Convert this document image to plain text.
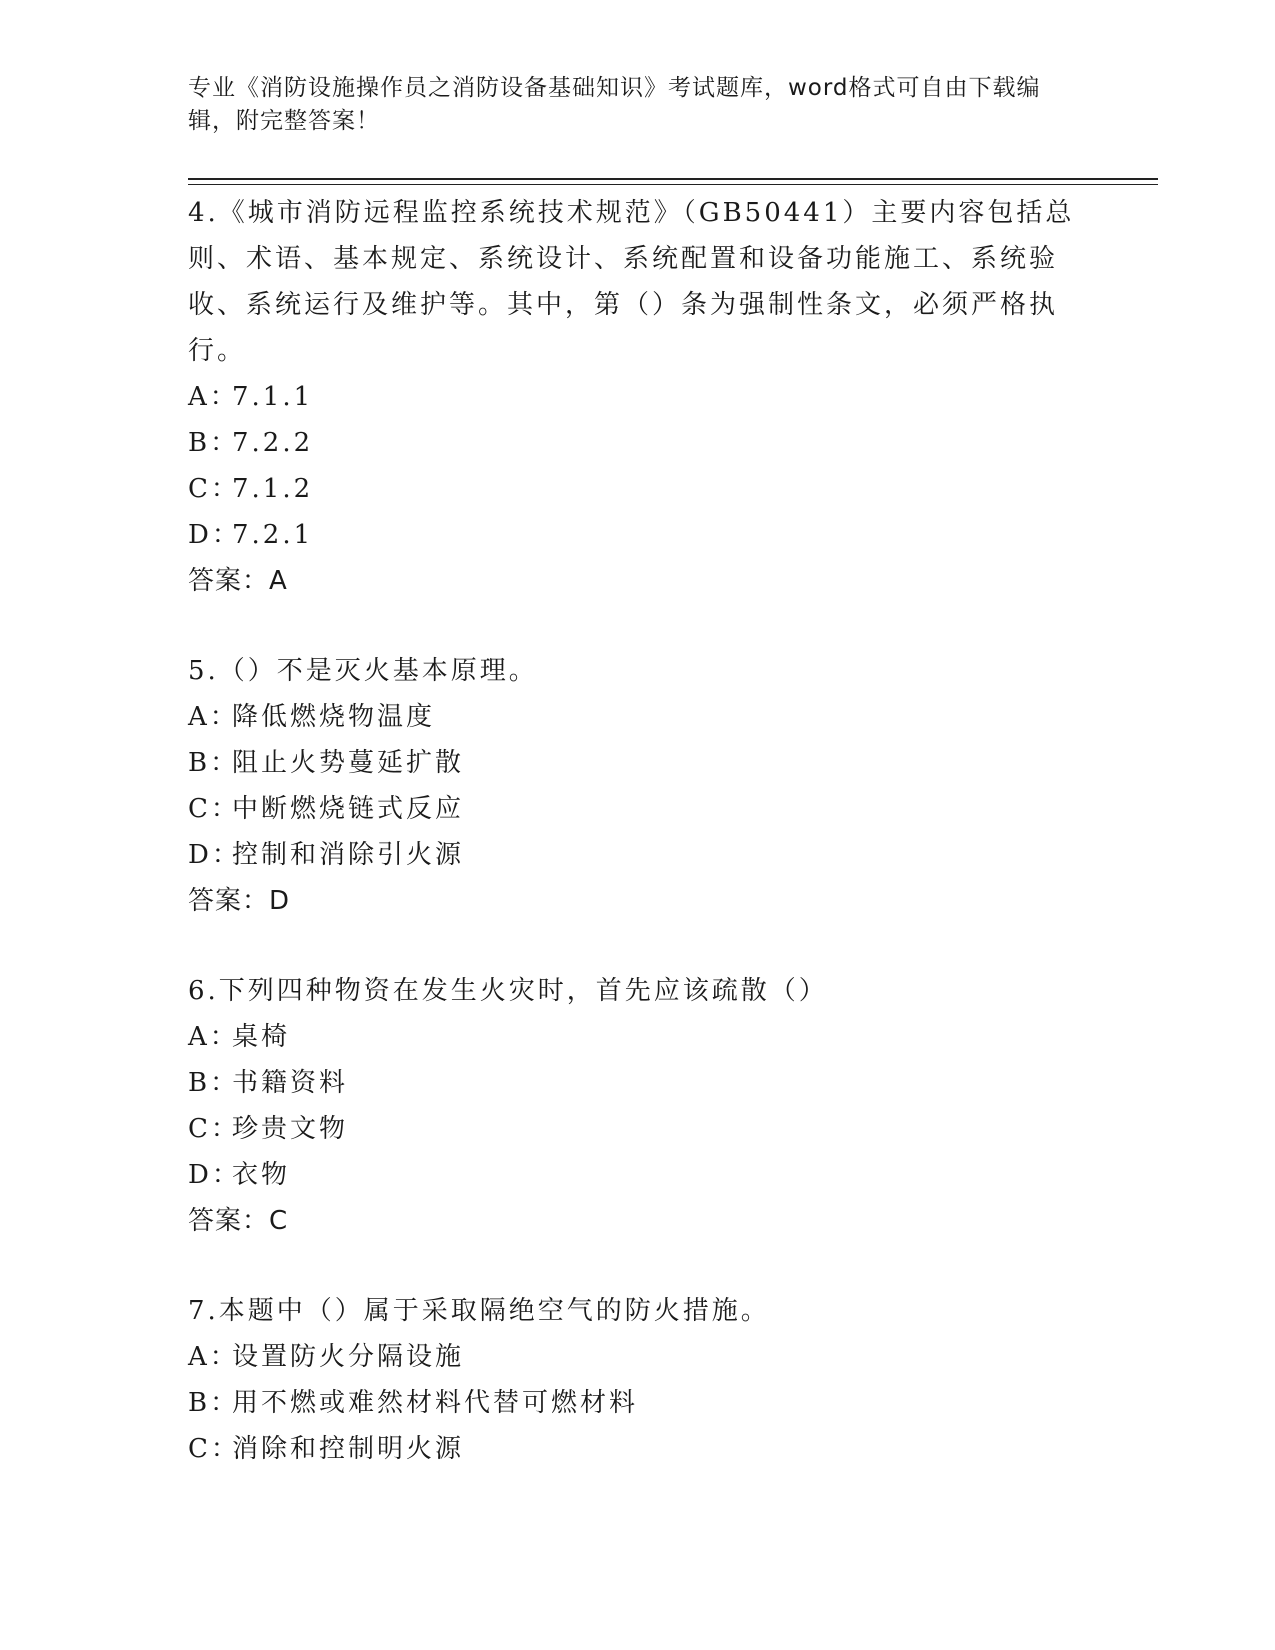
专业《消防设施操作员之消防设备基础知识》考试题库，word格式可自由下载编辑，附完整答案！

4.《城市消防远程监控系统技术规范》（GB50441）主要内容包括总则、术语、基本规定、系统设计、系统配置和设备功能施工、系统验收、系统运行及维护等。其中，第（）条为强制性条文，必须严格执行。

A：7.1.1

B：7.2.2

C：7.1.2

D：7.2.1

答案：A

5.（）不是灭火基本原理。

A：降低燃烧物温度

B：阻止火势蔓延扩散

C：中断燃烧链式反应

D：控制和消除引火源

答案：D

6.下列四种物资在发生火灾时，首先应该疏散（）

A：桌椅

B：书籍资料

C：珍贵文物

D：衣物

答案：C

7.本题中（）属于采取隔绝空气的防火措施。

A：设置防火分隔设施

B：用不燃或难然材料代替可燃材料

C：消除和控制明火源
